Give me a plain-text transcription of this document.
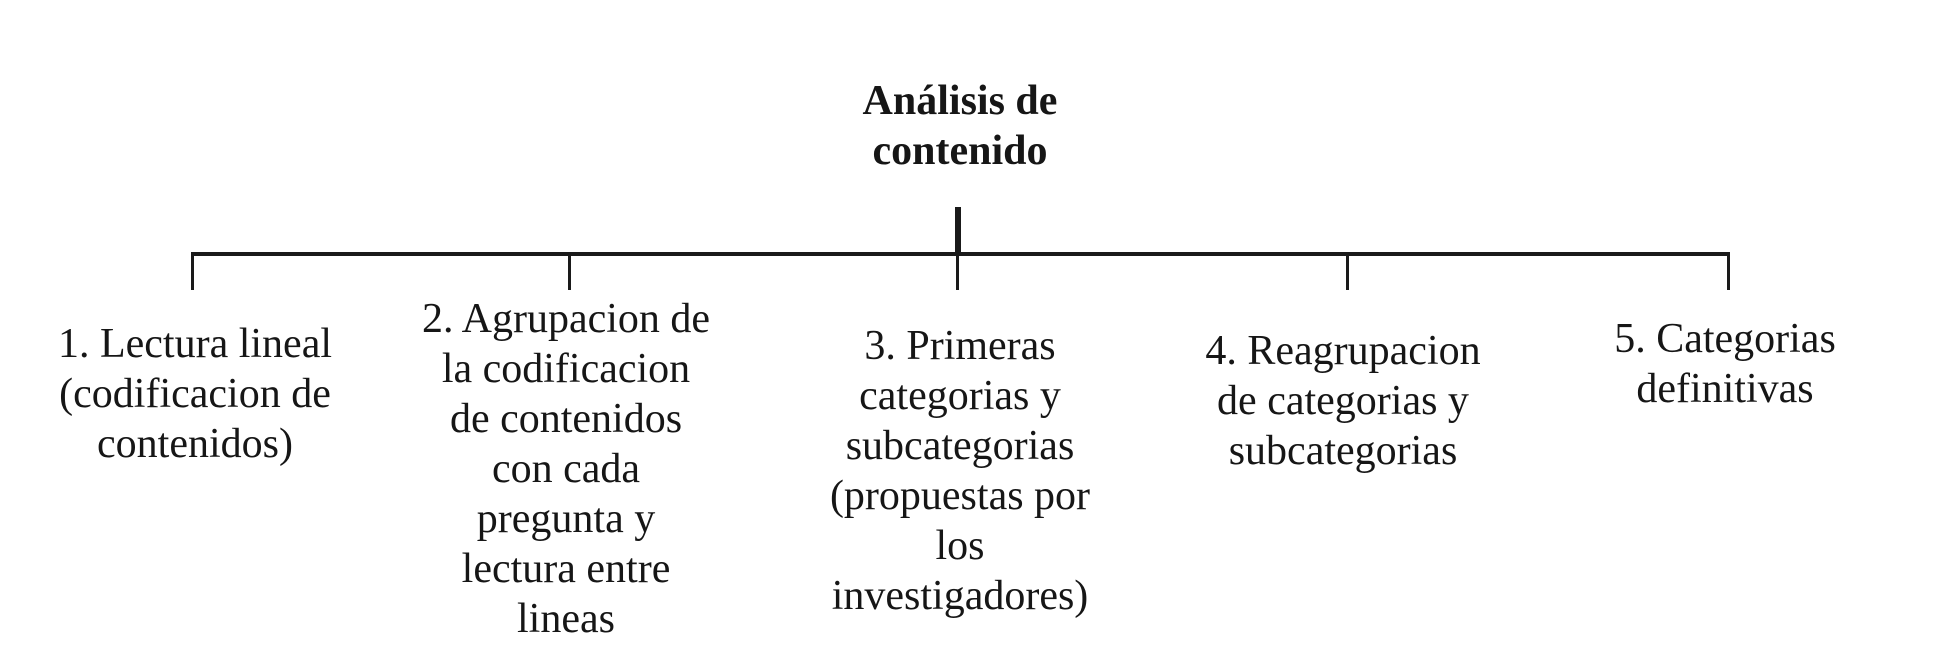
Análisis de
contenido
1. Lectura lineal
(codificacion de
contenidos)
2. Agrupacion de
la codificacion
de contenidos
con cada
pregunta y
lectura entre
lineas
3. Primeras
categorias y
subcategorias
(propuestas por
los
investigadores)
4. Reagrupacion
de categorias y
subcategorias
5. Categorias
definitivas
